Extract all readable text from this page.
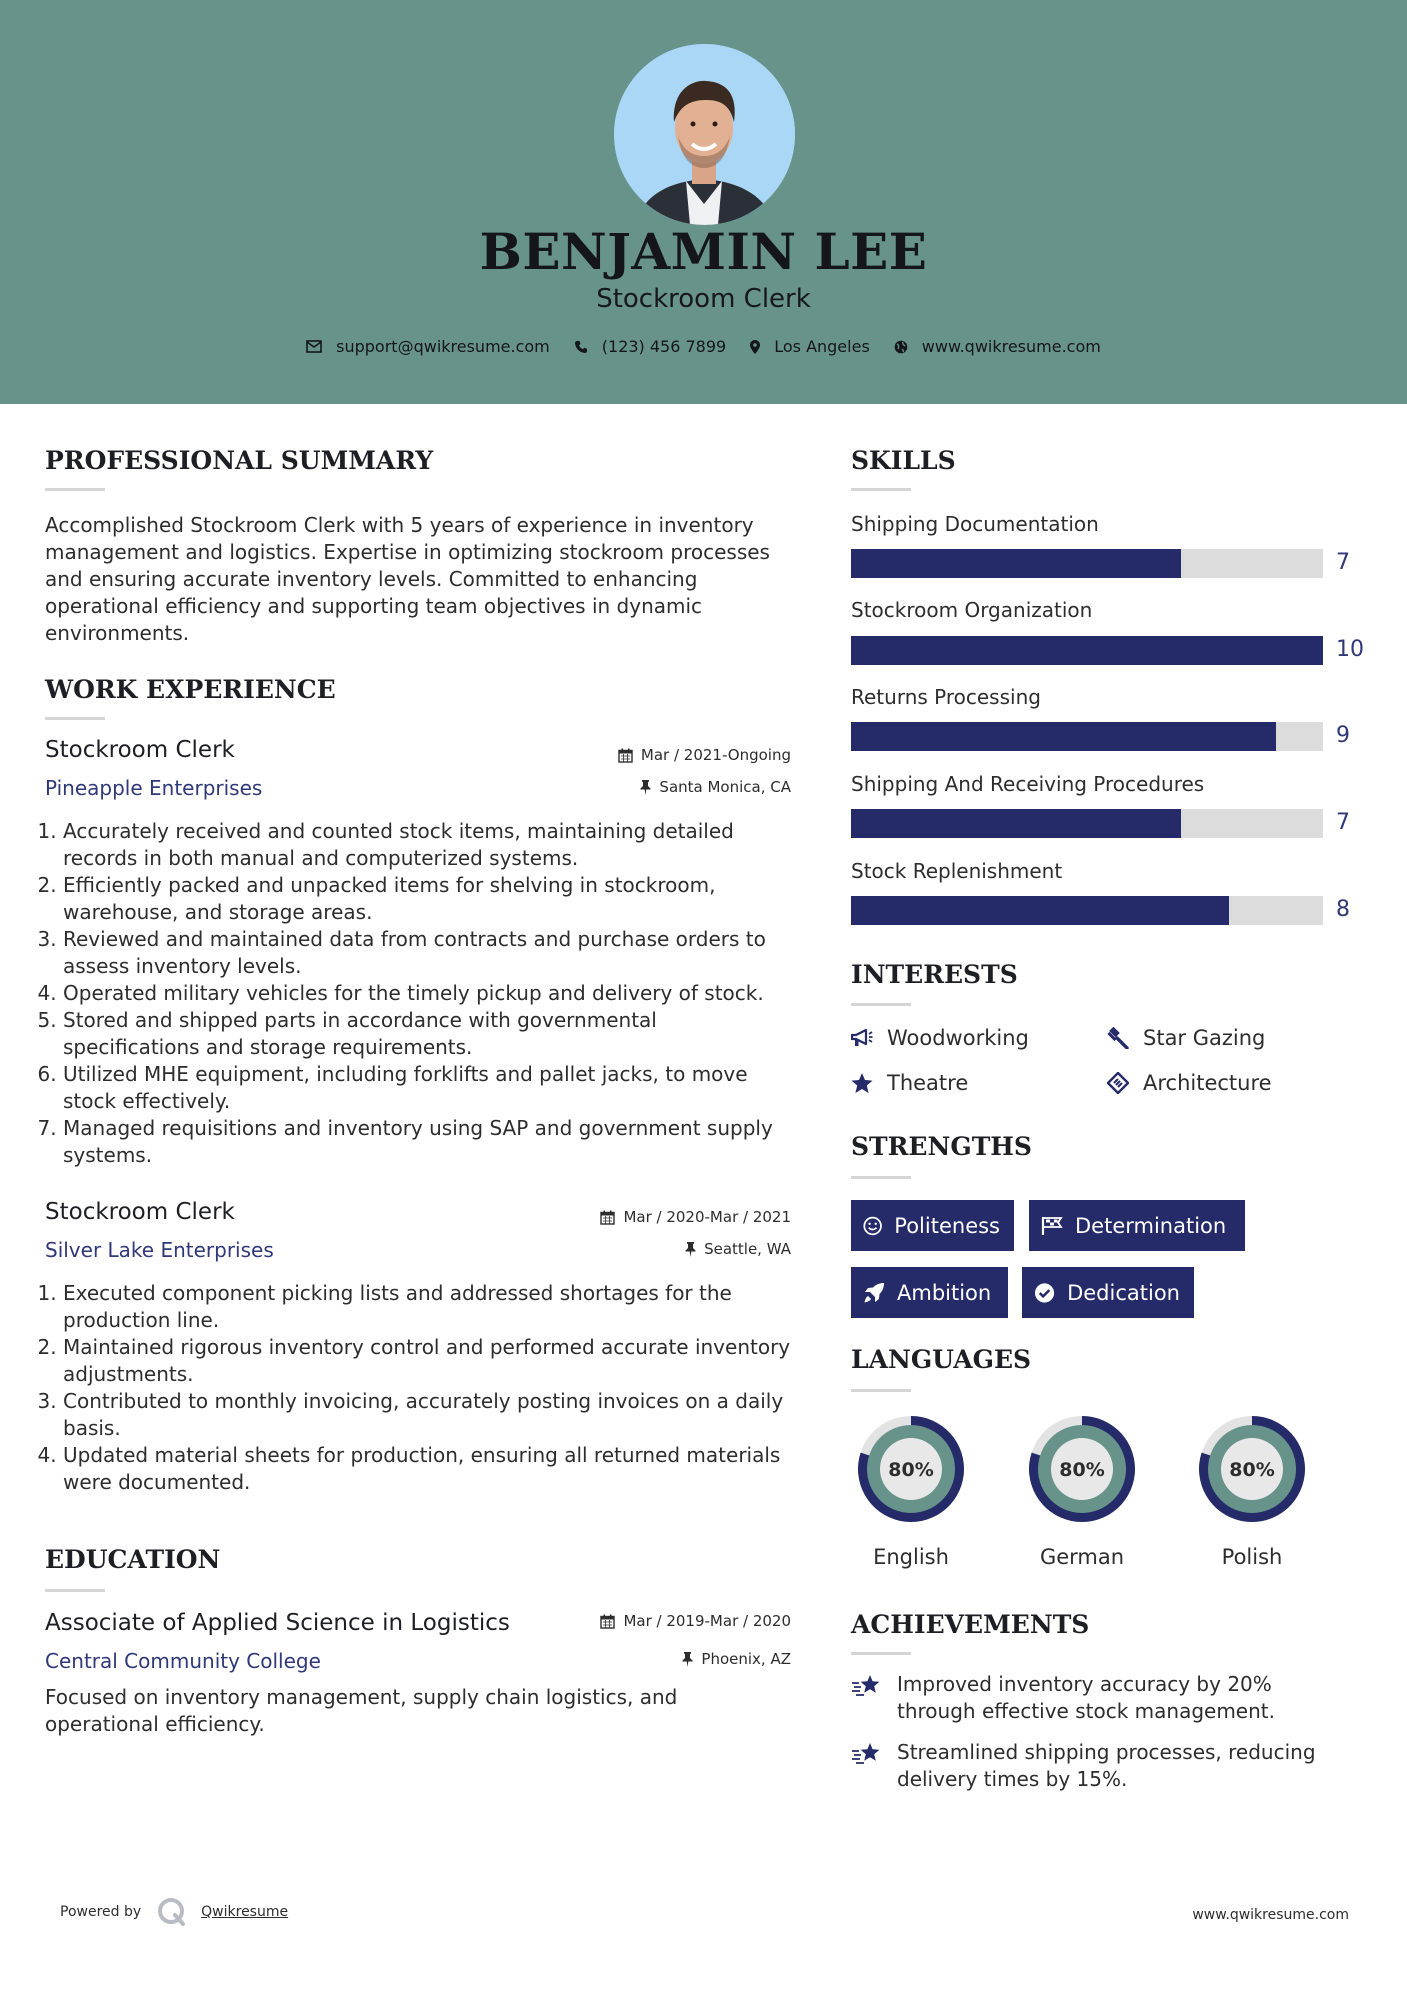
BENJAMIN LEE
Stockroom Clerk
support@qwikresume.com	(123) 456 7899	Los Angeles	www.qwikresume.com
PROFESSIONAL SUMMARY
Accomplished Stockroom Clerk with 5 years of experience in inventory management and logistics. Expertise in optimizing stockroom processes and ensuring accurate inventory levels. Committed to enhancing operational efficiency and supporting team objectives in dynamic environments.
WORK EXPERIENCE
Stockroom Clerk
Pineapple Enterprises
Mar / 2021-Ongoing
Santa Monica, CA
1. Accurately received and counted stock items, maintaining detailed records in both manual and computerized systems.
2. Efficiently packed and unpacked items for shelving in stockroom, warehouse, and storage areas.
3. Reviewed and maintained data from contracts and purchase orders to assess inventory levels.
4. Operated military vehicles for the timely pickup and delivery of stock.
5. Stored and shipped parts in accordance with governmental specifications and storage requirements.
6. Utilized MHE equipment, including forklifts and pallet jacks, to move stock effectively.
7. Managed requisitions and inventory using SAP and government supply systems.
Stockroom Clerk
Silver Lake Enterprises
Mar / 2020-Mar / 2021
Seattle, WA
1. Executed component picking lists and addressed shortages for the production line.
2. Maintained rigorous inventory control and performed accurate inventory adjustments.
3. Contributed to monthly invoicing, accurately posting invoices on a daily basis.
4. Updated material sheets for production, ensuring all returned materials were documented.
EDUCATION
Associate of Applied Science in Logistics
Central Community College
Mar / 2019-Mar / 2020
Phoenix, AZ
Focused on inventory management, supply chain logistics, and operational efficiency.
SKILLS
Shipping Documentation
7
Stockroom Organization
10
Returns Processing
9
Shipping And Receiving Procedures
7
Stock Replenishment
8
INTERESTS
Woodworking	Star Gazing
Theatre	Architecture
STRENGTHS
Politeness	Determination
Ambition	Dedication
LANGUAGES
80%
English
80%
German
80%
Polish
ACHIEVEMENTS
Improved inventory accuracy by 20% through effective stock management.
Streamlined shipping processes, reducing delivery times by 15%.
Powered by	Qwikresume	www.qwikresume.com
